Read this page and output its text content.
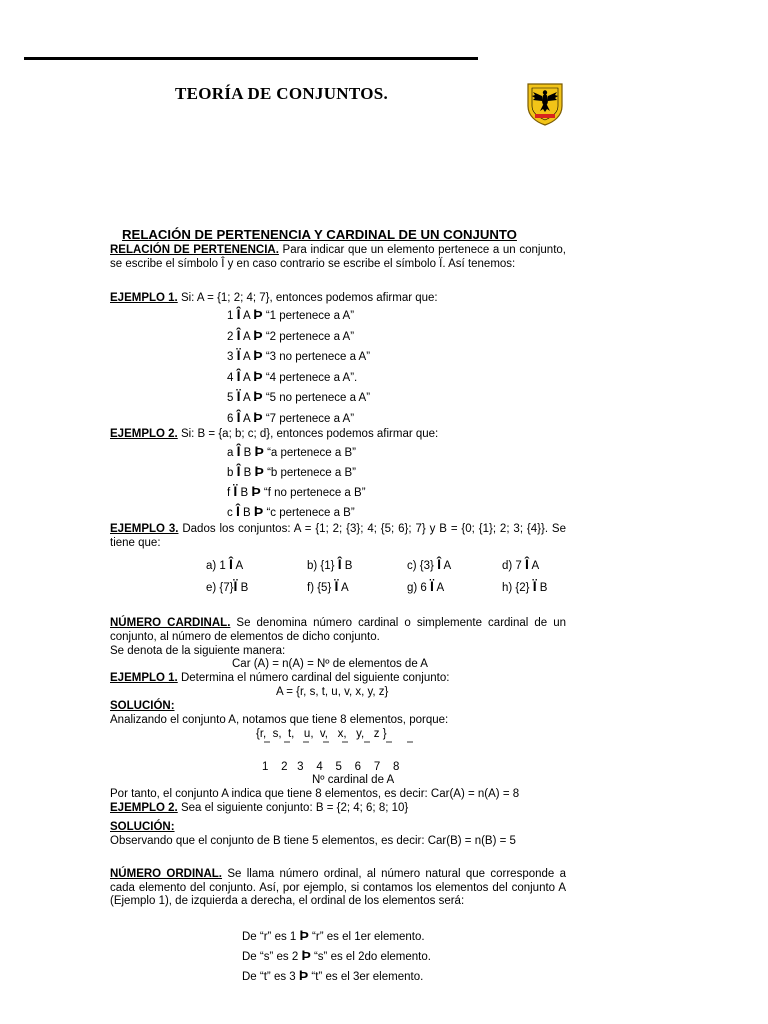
TEORÍA DE CONJUNTOS.
RELACIÓN DE PERTENENCIA Y CARDINAL DE UN CONJUNTO
RELACIÓN DE PERTENENCIA. Para indicar que un elemento pertenece a un conjunto, se escribe el símbolo Î y en caso contrario se escribe el símbolo Ï. Así tenemos:
EJEMPLO 1. Si: A = {1; 2; 4; 7}, entonces podemos afirmar que:
1 Î A Þ “1 pertenece a A”
2 Î A Þ “2 pertenece a A”
3 Ï A Þ “3 no pertenece a A”
4 Î A Þ “4 pertenece a A”.
5 Ï A Þ “5 no pertenece a A”
6 Î A Þ “7 pertenece a A”
EJEMPLO 2. Si: B = {a; b; c; d}, entonces podemos afirmar que:
a Î B Þ “a pertenece a B”
b Î B Þ “b pertenece a B”
f Ï B Þ “f no pertenece a B”
c Î B Þ “c pertenece a B”
EJEMPLO 3. Dados los conjuntos: A = {1; 2; {3}; 4; {5; 6}; 7} y B = {0; {1}; 2; 3; {4}}. Se tiene que:
a) 1 Î A	b) {1} Î B	c) {3} Î A	d) 7 Î A
e) {7}Ï B	f) {5} Ï A	g) 6 Ï A	h) {2} Ï B
NÚMERO CARDINAL. Se denomina número cardinal o simplemente cardinal de un conjunto, al número de elementos de dicho conjunto.
Se denota de la siguiente manera:
Car (A) = n(A) = Nº de elementos de A
EJEMPLO 1. Determina el número cardinal del siguiente conjunto:
A = {r, s, t, u, v, x, y, z}
SOLUCIÓN:
Analizando el conjunto A, notamos que tiene 8 elementos, porque:
{r,  s,  t,   u,  v,   x,   y,   z }
1    2   3    4    5    6    7    8
Nº cardinal de A
Por tanto, el conjunto A indica que tiene 8 elementos, es decir: Car(A) = n(A) = 8
EJEMPLO 2. Sea el siguiente conjunto: B = {2; 4; 6; 8; 10}
SOLUCIÓN:
Observando que el conjunto de B tiene 5 elementos, es decir: Car(B) = n(B) = 5
NÚMERO ORDINAL. Se llama número ordinal, al número natural que corresponde a cada elemento del conjunto. Así, por ejemplo, si contamos los elementos del conjunto A (Ejemplo 1), de izquierda a derecha, el ordinal de los elementos será:
De “r” es 1 Þ “r” es el 1er elemento.
De “s” es 2 Þ “s” es el 2do elemento.
De “t” es 3 Þ “t” es el 3er elemento.
